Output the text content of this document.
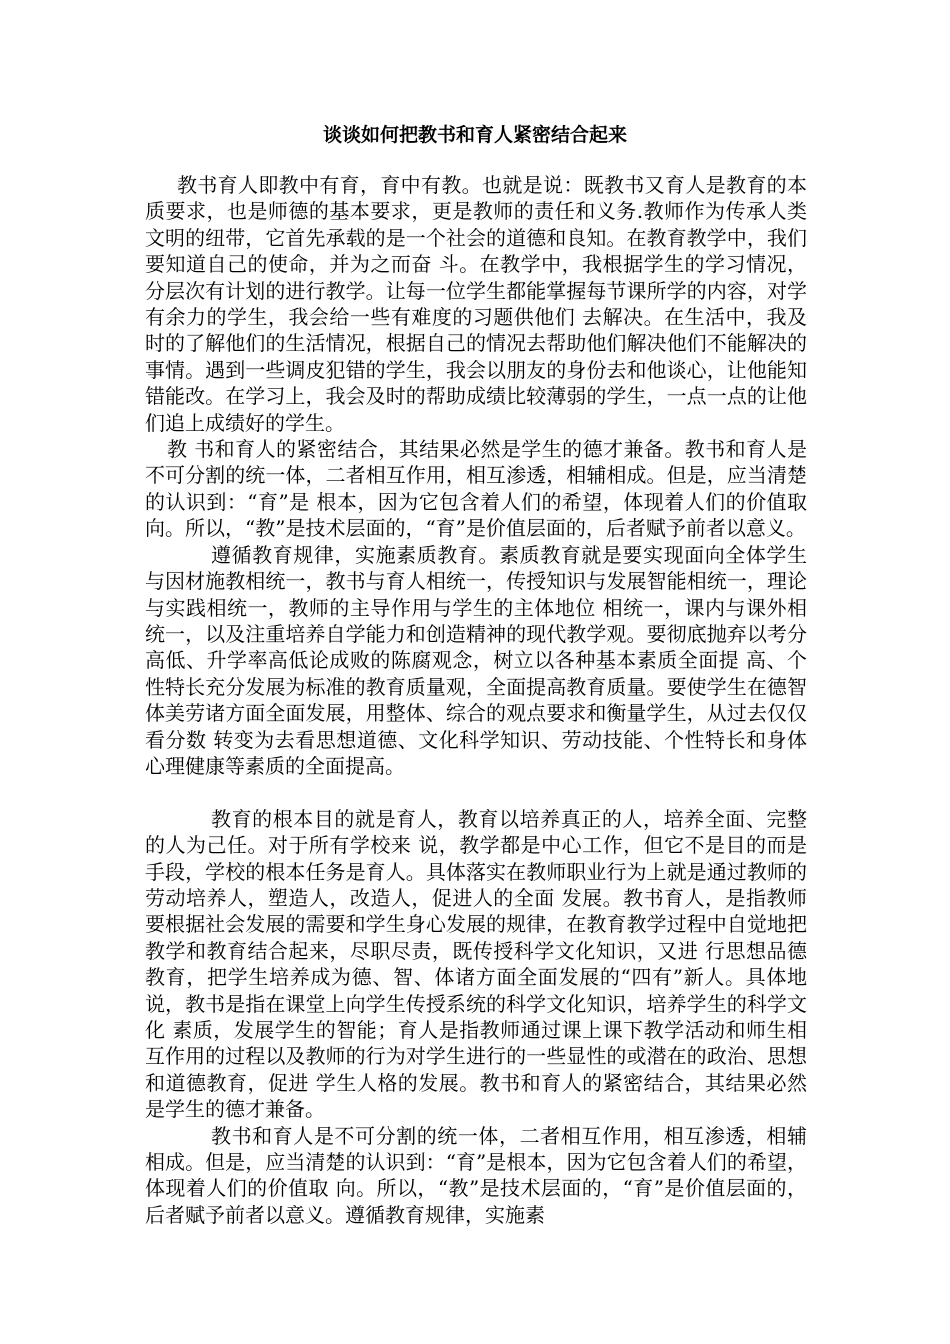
谈谈如何把教书和育人紧密结合起来

教书育人即教中有育，育中有教。也就是说：既教书又育人是教育的本质要求，也是师德的基本要求，更是教师的责任和义务.教师作为传承人类文明的纽带，它首先承载的是一个社会的道德和良知。在教育教学中，我们要知道自己的使命，并为之而奋 斗。在教学中，我根据学生的学习情况，分层次有计划的进行教学。让每一位学生都能掌握每节课所学的内容，对学有余力的学生，我会给一些有难度的习题供他们 去解决。在生活中，我及时的了解他们的生活情况，根据自己的情况去帮助他们解决他们不能解决的事情。遇到一些调皮犯错的学生，我会以朋友的身份去和他谈心，让他能知错能改。在学习上，我会及时的帮助成绩比较薄弱的学生，一点一点的让他们追上成绩好的学生。

教 书和育人的紧密结合，其结果必然是学生的德才兼备。教书和育人是不可分割的统一体，二者相互作用，相互渗透，相辅相成。但是，应当清楚的认识到：“育”是 根本，因为它包含着人们的希望，体现着人们的价值取向。所以，“教”是技术层面的，“育”是价值层面的，后者赋予前者以意义。

遵循教育规律，实施素质教育。素质教育就是要实现面向全体学生与因材施教相统一，教书与育人相统一，传授知识与发展智能相统一，理论与实践相统一，教师的主导作用与学生的主体地位 相统一，课内与课外相统一，以及注重培养自学能力和创造精神的现代教学观。要彻底抛弃以考分高低、升学率高低论成败的陈腐观念，树立以各种基本素质全面提 高、个性特长充分发展为标准的教育质量观，全面提高教育质量。要使学生在德智体美劳诸方面全面发展，用整体、综合的观点要求和衡量学生，从过去仅仅看分数 转变为去看思想道德、文化科学知识、劳动技能、个性特长和身体心理健康等素质的全面提高。

教育的根本目的就是育人，教育以培养真正的人，培养全面、完整的人为己任。对于所有学校来 说，教学都是中心工作，但它不是目的而是手段，学校的根本任务是育人。具体落实在教师职业行为上就是通过教师的劳动培养人，塑造人，改造人，促进人的全面 发展。教书育人，是指教师要根据社会发展的需要和学生身心发展的规律，在教育教学过程中自觉地把教学和教育结合起来，尽职尽责，既传授科学文化知识，又进 行思想品德教育，把学生培养成为德、智、体诸方面全面发展的“四有”新人。具体地说，教书是指在课堂上向学生传授系统的科学文化知识，培养学生的科学文化 素质，发展学生的智能；育人是指教师通过课上课下教学活动和师生相互作用的过程以及教师的行为对学生进行的一些显性的或潜在的政治、思想和道德教育，促进 学生人格的发展。教书和育人的紧密结合，其结果必然是学生的德才兼备。

教书和育人是不可分割的统一体，二者相互作用，相互渗透，相辅相成。但是，应当清楚的认识到：“育”是根本，因为它包含着人们的希望，体现着人们的价值取 向。所以，“教”是技术层面的，“育”是价值层面的，后者赋予前者以意义。遵循教育规律，实施素
